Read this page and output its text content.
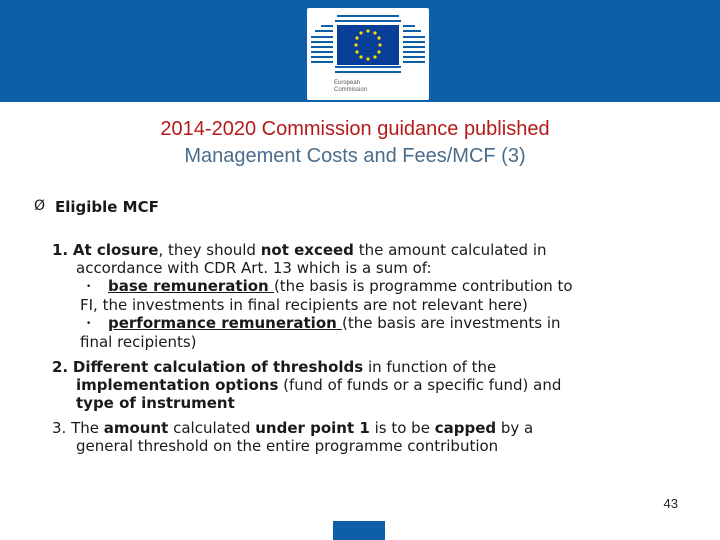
European
Commission
2014-2020 Commission guidance published
Management Costs and Fees/MCF (3)
Ø Eligible MCF
1. At closure, they should not exceed the amount calculated in
accordance with CDR Art. 13 which is a sum of:
• base remuneration (the basis is programme contribution to
FI, the investments in final recipients are not relevant here)
• performance remuneration (the basis are investments in
final recipients)
2. Different calculation of thresholds in function of the
implementation options (fund of funds or a specific fund) and
type of instrument
3. The amount calculated under point 1 is to be capped by a
general threshold on the entire programme contribution
43
